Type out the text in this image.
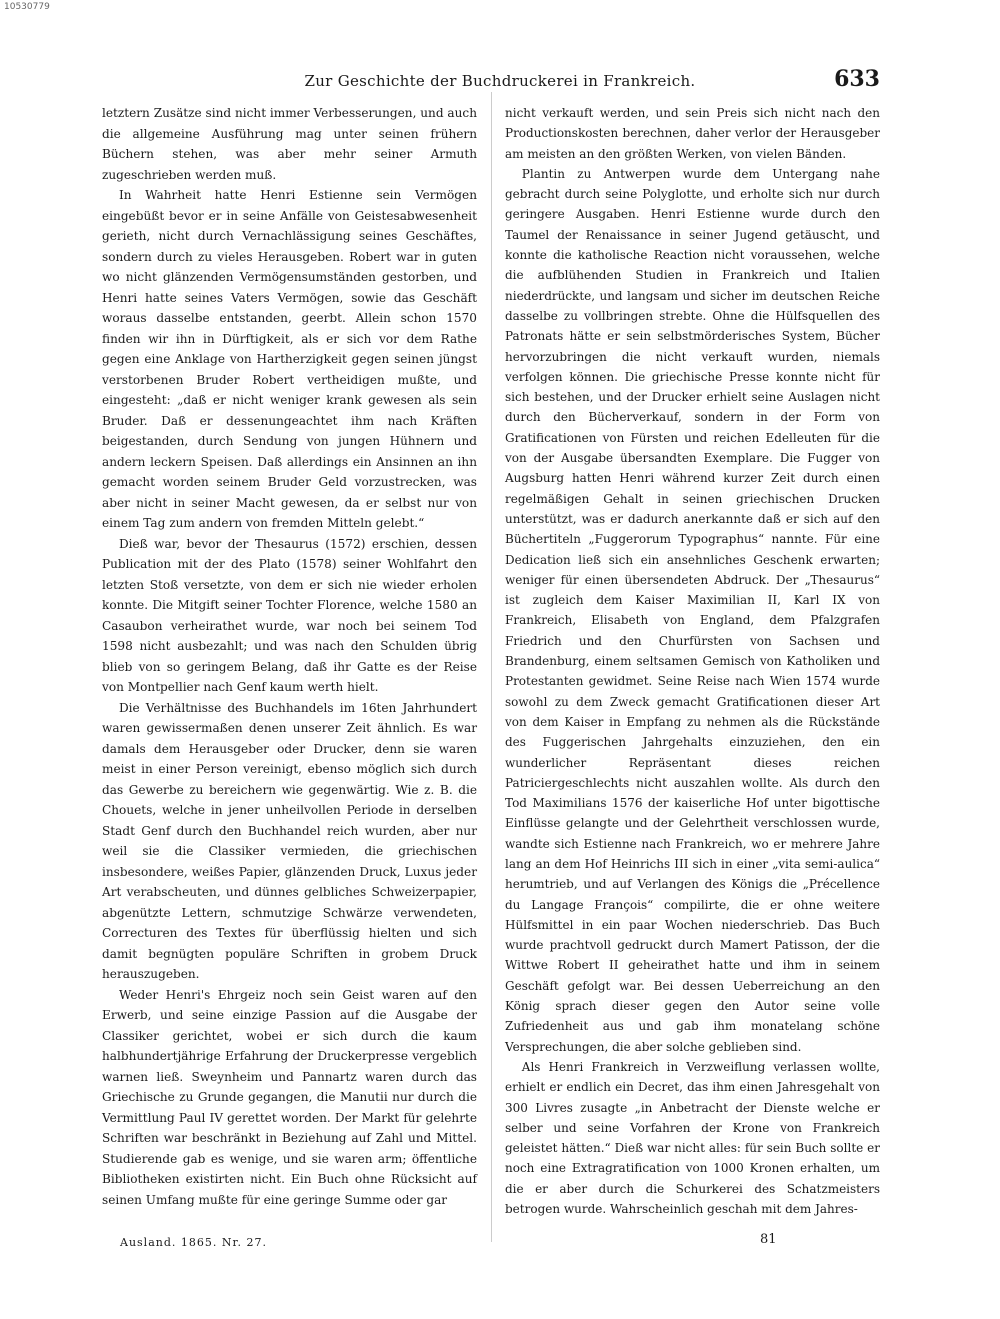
10530779
Zur Geschichte der Buchdruckerei in Frankreich.	633

letztern Zusätze sind nicht immer Verbesserungen, und auch die allgemeine Ausführung mag unter seinen frühern Büchern stehen, was aber mehr seiner Armuth zugeschrieben werden muß.

In Wahrheit hatte Henri Estienne sein Vermögen eingebüßt bevor er in seine Anfälle von Geistesabwesenheit gerieth, nicht durch Vernachlässigung seines Geschäftes, sondern durch zu vieles Herausgeben. Robert war in guten wo nicht glänzenden Vermögensumständen gestorben, und Henri hatte seines Vaters Vermögen, sowie das Geschäft woraus dasselbe entstanden, geerbt. Allein schon 1570 finden wir ihn in Dürftigkeit, als er sich vor dem Rathe gegen eine Anklage von Hartherzigkeit gegen seinen jüngst verstorbenen Bruder Robert vertheidigen mußte, und eingesteht: „daß er nicht weniger krank gewesen als sein Bruder. Daß er dessenungeachtet ihm nach Kräften beigestanden, durch Sendung von jungen Hühnern und andern leckern Speisen. Daß allerdings ein Ansinnen an ihn gemacht worden seinem Bruder Geld vorzustrecken, was aber nicht in seiner Macht gewesen, da er selbst nur von einem Tag zum andern von fremden Mitteln gelebt.“

Dieß war, bevor der Thesaurus (1572) erschien, dessen Publication mit der des Plato (1578) seiner Wohlfahrt den letzten Stoß versetzte, von dem er sich nie wieder erholen konnte. Die Mitgift seiner Tochter Florence, welche 1580 an Casaubon verheirathet wurde, war noch bei seinem Tod 1598 nicht ausbezahlt; und was nach den Schulden übrig blieb von so geringem Belang, daß ihr Gatte es der Reise von Montpellier nach Genf kaum werth hielt.

Die Verhältnisse des Buchhandels im 16ten Jahrhundert waren gewissermaßen denen unserer Zeit ähnlich. Es war damals dem Herausgeber oder Drucker, denn sie waren meist in einer Person vereinigt, ebenso möglich sich durch das Gewerbe zu bereichern wie gegenwärtig. Wie z. B. die Chouets, welche in jener unheilvollen Periode in derselben Stadt Genf durch den Buchhandel reich wurden, aber nur weil sie die Classiker vermieden, die griechischen insbesondere, weißes Papier, glänzenden Druck, Luxus jeder Art verabscheuten, und dünnes gelbliches Schweizerpapier, abgenützte Lettern, schmutzige Schwärze verwendeten, Correcturen des Textes für überflüssig hielten und sich damit begnügten populäre Schriften in grobem Druck herauszugeben.

Weder Henri's Ehrgeiz noch sein Geist waren auf den Erwerb, und seine einzige Passion auf die Ausgabe der Classiker gerichtet, wobei er sich durch die kaum halbhundertjährige Erfahrung der Druckerpresse vergeblich warnen ließ. Sweynheim und Pannartz waren durch das Griechische zu Grunde gegangen, die Manutii nur durch die Vermittlung Paul IV gerettet worden. Der Markt für gelehrte Schriften war beschränkt in Beziehung auf Zahl und Mittel. Studierende gab es wenige, und sie waren arm; öffentliche Bibliotheken existirten nicht. Ein Buch ohne Rücksicht auf seinen Umfang mußte für eine geringe Summe oder gar

nicht verkauft werden, und sein Preis sich nicht nach den Productionskosten berechnen, daher verlor der Herausgeber am meisten an den größten Werken, von vielen Bänden.

Plantin zu Antwerpen wurde dem Untergang nahe gebracht durch seine Polyglotte, und erholte sich nur durch geringere Ausgaben. Henri Estienne wurde durch den Taumel der Renaissance in seiner Jugend getäuscht, und konnte die katholische Reaction nicht voraussehen, welche die aufblühenden Studien in Frankreich und Italien niederdrückte, und langsam und sicher im deutschen Reiche dasselbe zu vollbringen strebte. Ohne die Hülfsquellen des Patronats hätte er sein selbstmörderisches System, Bücher hervorzubringen die nicht verkauft wurden, niemals verfolgen können. Die griechische Presse konnte nicht für sich bestehen, und der Drucker erhielt seine Auslagen nicht durch den Bücherverkauf, sondern in der Form von Gratificationen von Fürsten und reichen Edelleuten für die von der Ausgabe übersandten Exemplare. Die Fugger von Augsburg hatten Henri während kurzer Zeit durch einen regelmäßigen Gehalt in seinen griechischen Drucken unterstützt, was er dadurch anerkannte daß er sich auf den Büchertiteln „Fuggerorum Typographus“ nannte. Für eine Dedication ließ sich ein ansehnliches Geschenk erwarten; weniger für einen übersendeten Abdruck. Der „Thesaurus“ ist zugleich dem Kaiser Maximilian II, Karl IX von Frankreich, Elisabeth von England, dem Pfalzgrafen Friedrich und den Churfürsten von Sachsen und Brandenburg, einem seltsamen Gemisch von Katholiken und Protestanten gewidmet. Seine Reise nach Wien 1574 wurde sowohl zu dem Zweck gemacht Gratificationen dieser Art von dem Kaiser in Empfang zu nehmen als die Rückstände des Fuggerischen Jahrgehalts einzuziehen, den ein wunderlicher Repräsentant dieses reichen Patriciergeschlechts nicht auszahlen wollte. Als durch den Tod Maximilians 1576 der kaiserliche Hof unter bigottische Einflüsse gelangte und der Gelehrtheit verschlossen wurde, wandte sich Estienne nach Frankreich, wo er mehrere Jahre lang an dem Hof Heinrichs III sich in einer „vita semi-aulica“ herumtrieb, und auf Verlangen des Königs die „Précellence du Langage François“ compilirte, die er ohne weitere Hülfsmittel in ein paar Wochen niederschrieb. Das Buch wurde prachtvoll gedruckt durch Mamert Patisson, der die Wittwe Robert II geheirathet hatte und ihm in seinem Geschäft gefolgt war. Bei dessen Ueberreichung an den König sprach dieser gegen den Autor seine volle Zufriedenheit aus und gab ihm monatelang schöne Versprechungen, die aber solche geblieben sind.

Als Henri Frankreich in Verzweiflung verlassen wollte, erhielt er endlich ein Decret, das ihm einen Jahresgehalt von 300 Livres zusagte „in Anbetracht der Dienste welche er selber und seine Vorfahren der Krone von Frankreich geleistet hätten.“ Dieß war nicht alles: für sein Buch sollte er noch eine Extragratification von 1000 Kronen erhalten, um die er aber durch die Schurkerei des Schatzmeisters betrogen wurde. Wahrscheinlich geschah mit dem Jahres-

Ausland. 1865. Nr. 27.	81
